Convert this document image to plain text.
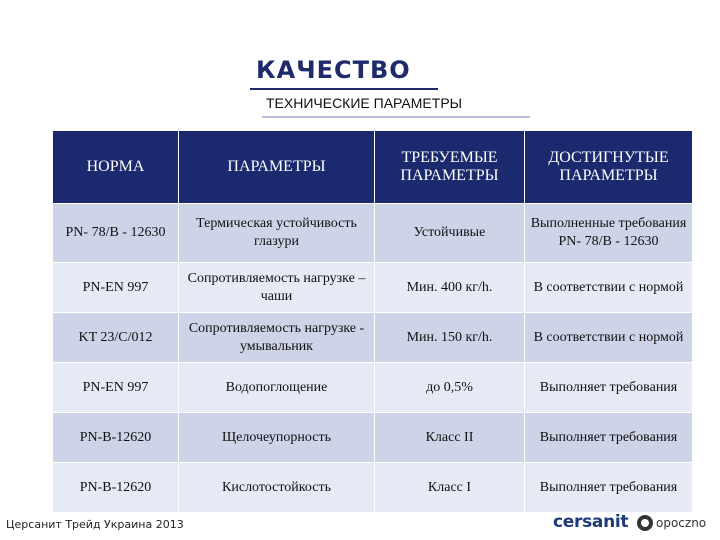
КАЧЕСТВО
ТЕХНИЧЕСКИЕ ПАРАМЕТРЫ
НОРМА	ПАРАМЕТРЫ	ТРЕБУЕМЫЕ ПАРАМЕТРЫ	ДОСТИГНУТЫЕ ПАРАМЕТРЫ
PN- 78/B - 12630	Термическая устойчивость глазури	Устойчивые	Выполненные требования PN- 78/B - 12630
PN-EN 997	Сопротивляемость нагрузке – чаши	Мин. 400 кг/h.	В соответствии с нормой
KT 23/C/012	Сопротивляемость нагрузке - умывальник	Мин. 150 кг/h.	В соответствии с нормой
PN-EN 997	Водопоглощение	до 0,5%	Выполняет требования
PN-B-12620	Щелочеупорность	Класс II	Выполняет требования
PN-B-12620	Кислотостойкость	Класс I	Выполняет требования
Церсанит Трейд Украина 2013	cersanit opoczno
